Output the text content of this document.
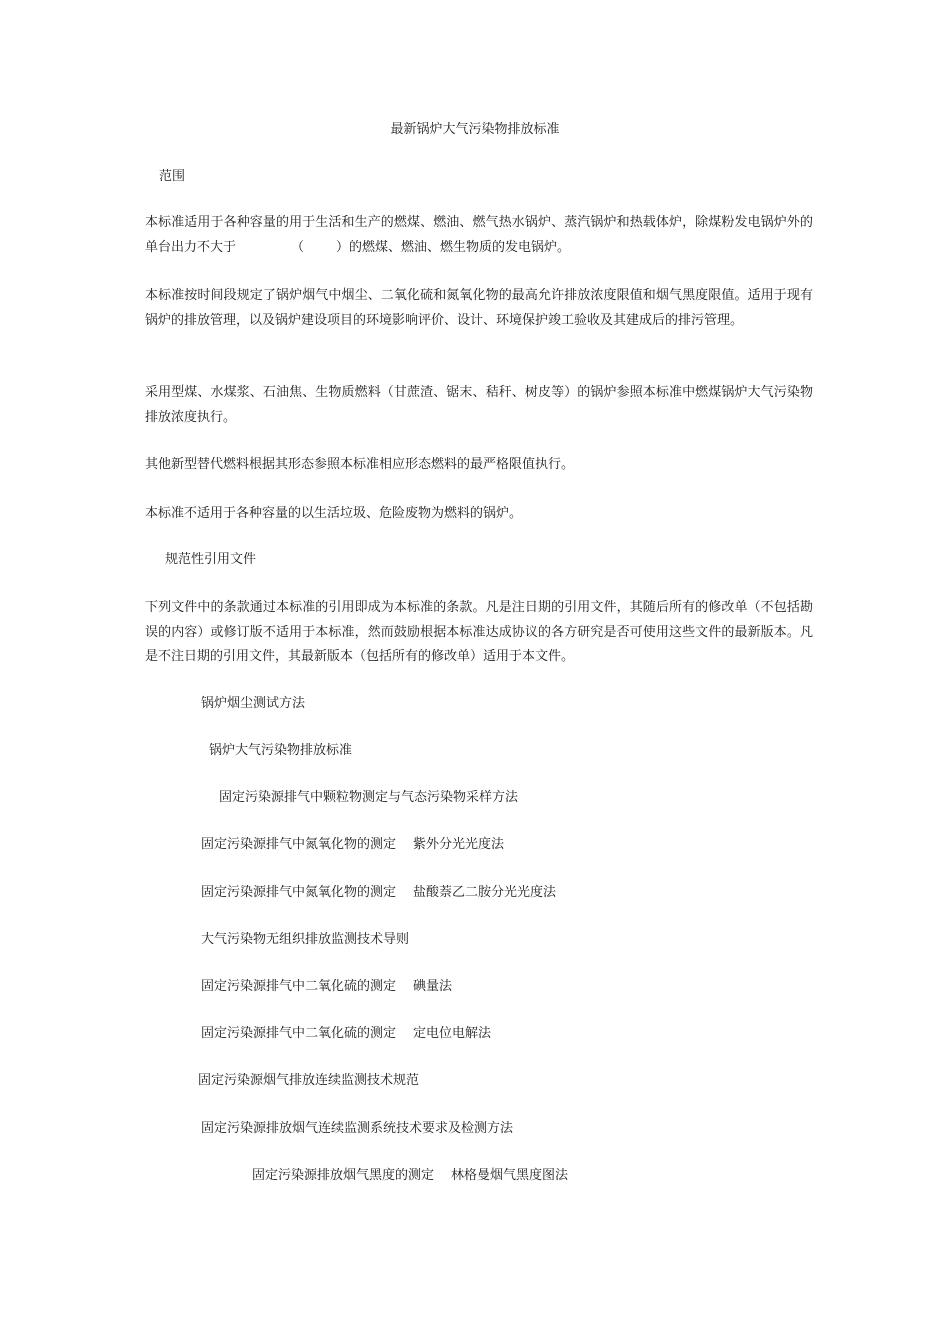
最新锅炉大气污染物排放标准
范围
本标准适用于各种容量的用于生活和生产的燃煤、燃油、燃气热水锅炉、蒸汽锅炉和热载体炉，除煤粉发电锅炉外的单台出力不大于	（ ）的燃煤、燃油、燃生物质的发电锅炉。
本标准按时间段规定了锅炉烟气中烟尘、二氧化硫和氮氧化物的最高允许排放浓度限值和烟气黑度限值。适用于现有锅炉的排放管理，以及锅炉建设项目的环境影响评价、设计、环境保护竣工验收及其建成后的排污管理。
采用型煤、水煤浆、石油焦、生物质燃料（甘蔗渣、锯末、秸秆、树皮等）的锅炉参照本标准中燃煤锅炉大气污染物排放浓度执行。
其他新型替代燃料根据其形态参照本标准相应形态燃料的最严格限值执行。
本标准不适用于各种容量的以生活垃圾、危险废物为燃料的锅炉。
规范性引用文件
下列文件中的条款通过本标准的引用即成为本标准的条款。凡是注日期的引用文件，其随后所有的修改单（不包括勘误的内容）或修订版不适用于本标准，然而鼓励根据本标准达成协议的各方研究是否可使用这些文件的最新版本。凡是不注日期的引用文件，其最新版本（包括所有的修改单）适用于本文件。
锅炉烟尘测试方法
锅炉大气污染物排放标准
固定污染源排气中颗粒物测定与气态污染物采样方法
固定污染源排气中氮氧化物的测定 紫外分光光度法
固定污染源排气中氮氧化物的测定 盐酸萘乙二胺分光光度法
大气污染物无组织排放监测技术导则
固定污染源排气中二氧化硫的测定 碘量法
固定污染源排气中二氧化硫的测定 定电位电解法
固定污染源烟气排放连续监测技术规范
固定污染源排放烟气连续监测系统技术要求及检测方法
固定污染源排放烟气黑度的测定 林格曼烟气黑度图法
